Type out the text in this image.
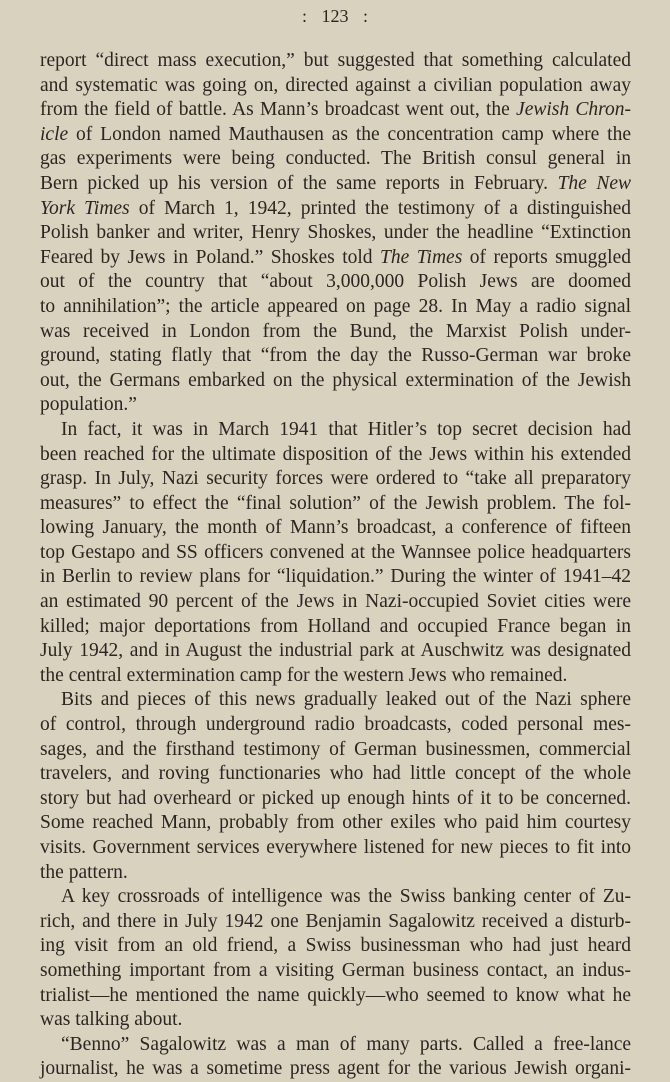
: 123 :
report “direct mass execution,” but suggested that something calculated
and systematic was going on, directed against a civilian population away
from the field of battle. As Mann’s broadcast went out, the Jewish Chron-
icle of London named Mauthausen as the concentration camp where the
gas experiments were being conducted. The British consul general in
Bern picked up his version of the same reports in February. The New
York Times of March 1, 1942, printed the testimony of a distinguished
Polish banker and writer, Henry Shoskes, under the headline “Extinction
Feared by Jews in Poland.” Shoskes told The Times of reports smuggled
out of the country that “about 3,000,000 Polish Jews are doomed
to annihilation”; the article appeared on page 28. In May a radio signal
was received in London from the Bund, the Marxist Polish under-
ground, stating flatly that “from the day the Russo-German war broke
out, the Germans embarked on the physical extermination of the Jewish
population.”
In fact, it was in March 1941 that Hitler’s top secret decision had
been reached for the ultimate disposition of the Jews within his extended
grasp. In July, Nazi security forces were ordered to “take all preparatory
measures” to effect the “final solution” of the Jewish problem. The fol-
lowing January, the month of Mann’s broadcast, a conference of fifteen
top Gestapo and SS officers convened at the Wannsee police headquarters
in Berlin to review plans for “liquidation.” During the winter of 1941–42
an estimated 90 percent of the Jews in Nazi-occupied Soviet cities were
killed; major deportations from Holland and occupied France began in
July 1942, and in August the industrial park at Auschwitz was designated
the central extermination camp for the western Jews who remained.
Bits and pieces of this news gradually leaked out of the Nazi sphere
of control, through underground radio broadcasts, coded personal mes-
sages, and the firsthand testimony of German businessmen, commercial
travelers, and roving functionaries who had little concept of the whole
story but had overheard or picked up enough hints of it to be concerned.
Some reached Mann, probably from other exiles who paid him courtesy
visits. Government services everywhere listened for new pieces to fit into
the pattern.
A key crossroads of intelligence was the Swiss banking center of Zu-
rich, and there in July 1942 one Benjamin Sagalowitz received a disturb-
ing visit from an old friend, a Swiss businessman who had just heard
something important from a visiting German business contact, an indus-
trialist—he mentioned the name quickly—who seemed to know what he
was talking about.
“Benno” Sagalowitz was a man of many parts. Called a free-lance
journalist, he was a sometime press agent for the various Jewish organi-
